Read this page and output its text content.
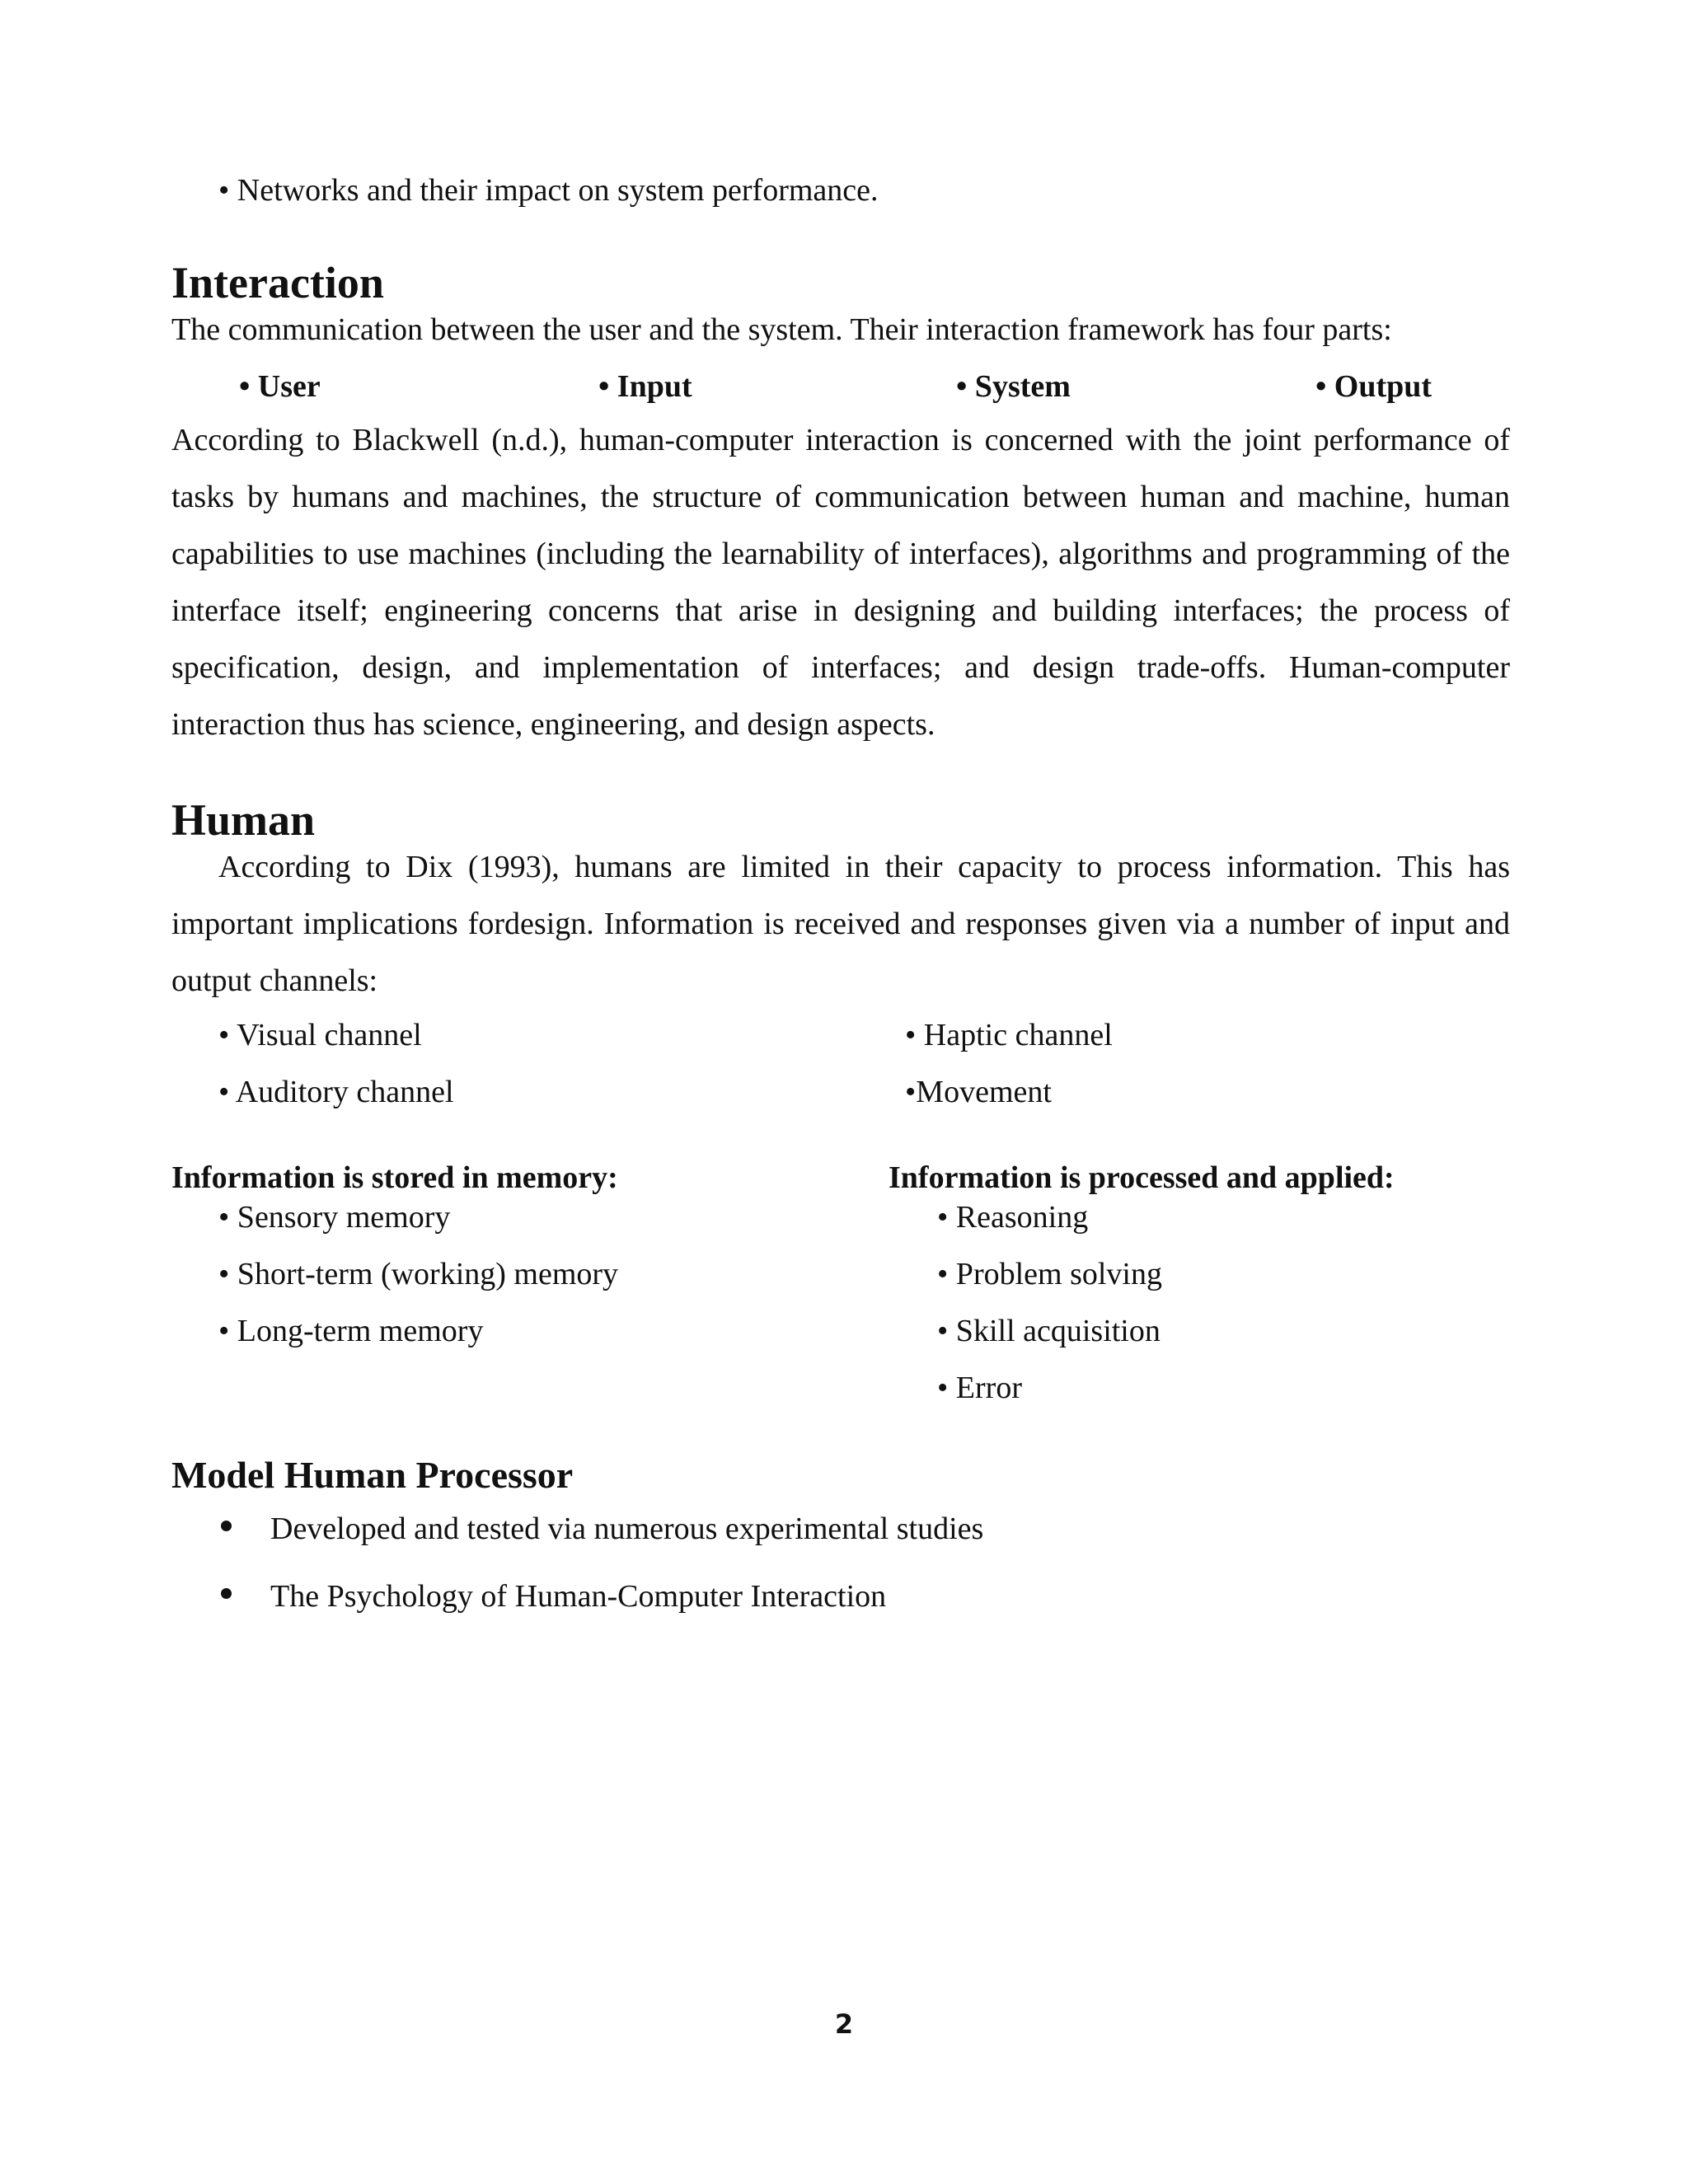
• Networks and their impact on system performance.
Interaction
The communication between the user and the system. Their interaction framework has four parts:
• User	• Input	• System	• Output

According to Blackwell (n.d.), human-computer interaction is concerned with the joint performance of tasks by humans and machines, the structure of communication between human and machine, human capabilities to use machines (including the learnability of interfaces), algorithms and programming of the interface itself; engineering concerns that arise in designing and building interfaces; the process of specification, design, and implementation of interfaces; and design trade-offs. Human-computer interaction thus has science, engineering, and design aspects.

Human

According to Dix (1993), humans are limited in their capacity to process information. This has important implications fordesign. Information is received and responses given via a number of input and output channels:

• Visual channel
• Auditory channel
• Haptic channel
•Movement
Information is stored in memory:
• Sensory memory
• Short-term (working) memory
• Long-term memory
Information is processed and applied:
• Reasoning
• Problem solving
• Skill acquisition
• Error
Model Human Processor
Developed and tested via numerous experimental studies
The Psychology of Human-Computer Interaction
2
